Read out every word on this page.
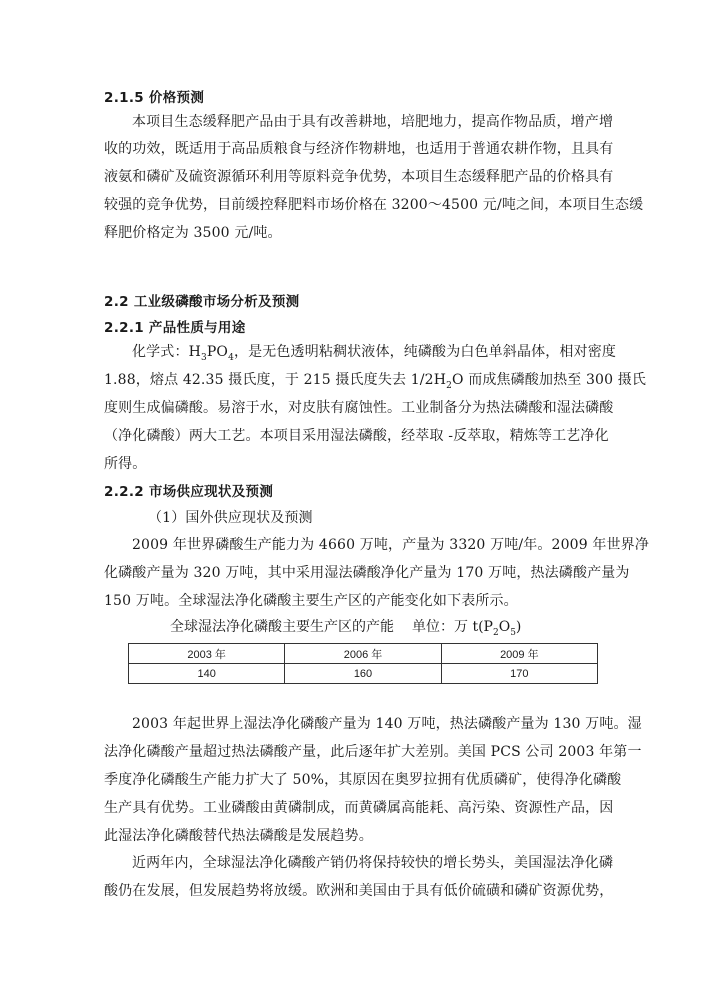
2.1.5 价格预测
本项目生态缓释肥产品由于具有改善耕地，培肥地力，提高作物品质，增产增
收的功效，既适用于高品质粮食与经济作物耕地，也适用于普通农耕作物，且具有
液氨和磷矿及硫资源循环利用等原料竞争优势，本项目生态缓释肥产品的价格具有
较强的竞争优势，目前缓控释肥料市场价格在 3200～4500 元/吨之间，本项目生态缓
释肥价格定为 3500 元/吨。
2.2 工业级磷酸市场分析及预测
2.2.1 产品性质与用途
化学式：$H_3PO_4$，是无色透明粘稠状液体，纯磷酸为白色单斜晶体，相对密度
1.88，熔点 42.35 摄氏度，于 215 摄氏度失去 $1/2H_2O$ 而成焦磷酸加热至 300 摄氏
度则生成偏磷酸。易溶于水，对皮肤有腐蚀性。工业制备分为热法磷酸和湿法磷酸
（净化磷酸）两大工艺。本项目采用湿法磷酸，经萃取 -反萃取，精炼等工艺净化
所得。
2.2.2 市场供应现状及预测
（1）国外供应现状及预测
2009 年世界磷酸生产能力为 4660 万吨，产量为 3320 万吨/年。2009 年世界净
化磷酸产量为 320 万吨，其中采用湿法磷酸净化产量为 170 万吨，热法磷酸产量为
150 万吨。全球湿法净化磷酸主要生产区的产能变化如下表所示。
全球湿法净化磷酸主要生产区的产能 单位：万 $t(P_2O_5)$
2003 年	2006 年	2009 年
140	160	170
2003 年起世界上湿法净化磷酸产量为 140 万吨，热法磷酸产量为 130 万吨。湿
法净化磷酸产量超过热法磷酸产量，此后逐年扩大差别。美国 PCS 公司 2003 年第一
季度净化磷酸生产能力扩大了 50%，其原因在奥罗拉拥有优质磷矿，使得净化磷酸
生产具有优势。工业磷酸由黄磷制成，而黄磷属高能耗、高污染、资源性产品，因
此湿法净化磷酸替代热法磷酸是发展趋势。
近两年内，全球湿法净化磷酸产销仍将保持较快的增长势头，美国湿法净化磷
酸仍在发展，但发展趋势将放缓。欧洲和美国由于具有低价硫磺和磷矿资源优势，
